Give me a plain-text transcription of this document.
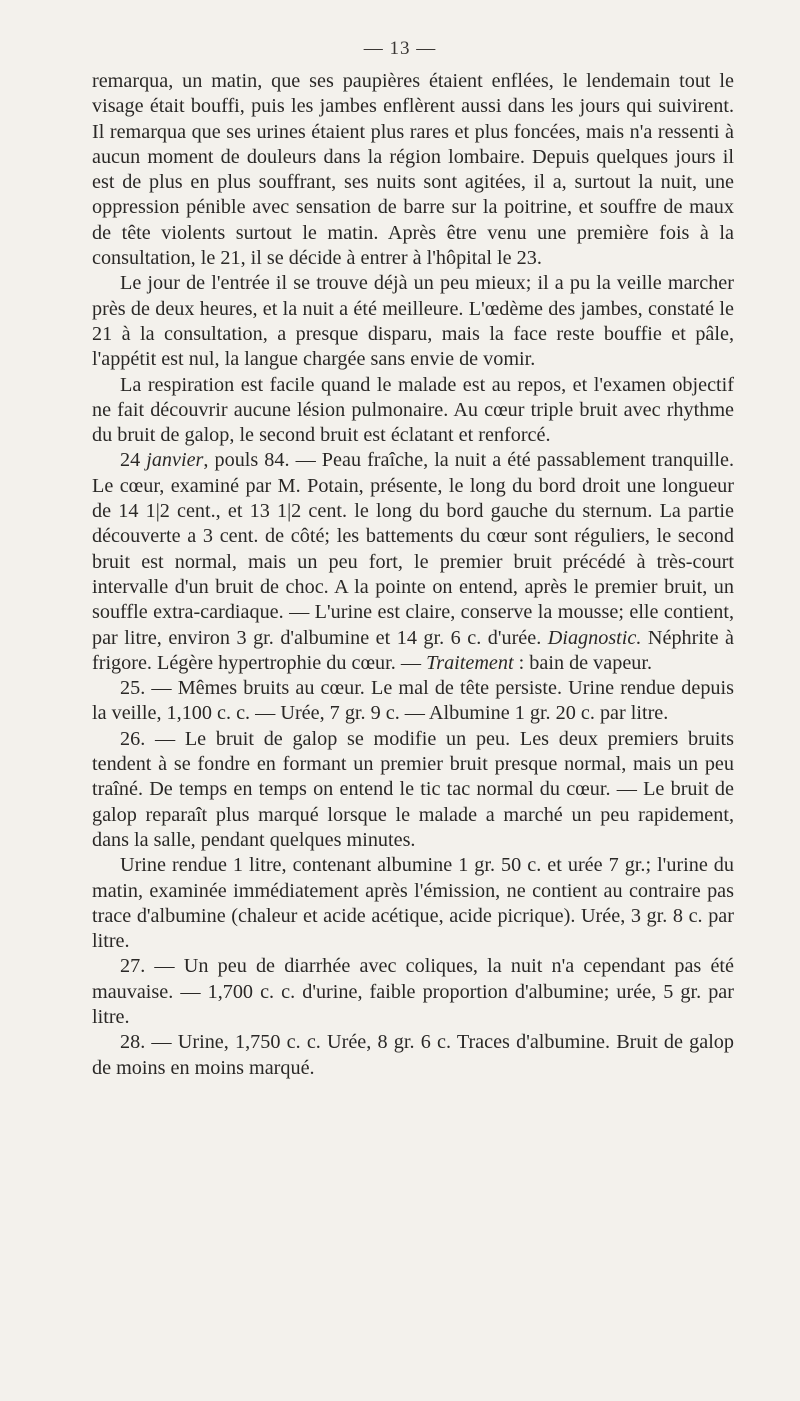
— 13 —

remarqua, un matin, que ses paupières étaient enflées, le lendemain tout le visage était bouffi, puis les jambes enflèrent aussi dans les jours qui suivirent. Il remarqua que ses urines étaient plus rares et plus foncées, mais n'a ressenti à aucun moment de douleurs dans la région lombaire. Depuis quelques jours il est de plus en plus souffrant, ses nuits sont agitées, il a, surtout la nuit, une oppression pénible avec sensation de barre sur la poitrine, et souffre de maux de tête violents surtout le matin. Après être venu une première fois à la consultation, le 21, il se décide à entrer à l'hôpital le 23.

Le jour de l'entrée il se trouve déjà un peu mieux; il a pu la veille marcher près de deux heures, et la nuit a été meilleure. L'œdème des jambes, constaté le 21 à la consultation, a presque disparu, mais la face reste bouffie et pâle, l'appétit est nul, la langue chargée sans envie de vomir.

La respiration est facile quand le malade est au repos, et l'examen objectif ne fait découvrir aucune lésion pulmonaire. Au cœur triple bruit avec rhythme du bruit de galop, le second bruit est éclatant et renforcé.

24 janvier, pouls 84. — Peau fraîche, la nuit a été passablement tranquille. Le cœur, examiné par M. Potain, présente, le long du bord droit une longueur de 14 1|2 cent., et 13 1|2 cent. le long du bord gauche du sternum. La partie découverte a 3 cent. de côté; les battements du cœur sont réguliers, le second bruit est normal, mais un peu fort, le premier bruit précédé à très-court intervalle d'un bruit de choc. A la pointe on entend, après le premier bruit, un souffle extra-cardiaque. — L'urine est claire, conserve la mousse; elle contient, par litre, environ 3 gr. d'albumine et 14 gr. 6 c. d'urée. Diagnostic. Néphrite à frigore. Légère hypertrophie du cœur. — Traitement : bain de vapeur.

25. — Mêmes bruits au cœur. Le mal de tête persiste. Urine rendue depuis la veille, 1,100 c. c. — Urée, 7 gr. 9 c. — Albumine 1 gr. 20 c. par litre.

26. — Le bruit de galop se modifie un peu. Les deux premiers bruits tendent à se fondre en formant un premier bruit presque normal, mais un peu traîné. De temps en temps on entend le tic tac normal du cœur. — Le bruit de galop reparaît plus marqué lorsque le malade a marché un peu rapidement, dans la salle, pendant quelques minutes.

Urine rendue 1 litre, contenant albumine 1 gr. 50 c. et urée 7 gr.; l'urine du matin, examinée immédiatement après l'émission, ne contient au contraire pas trace d'albumine (chaleur et acide acétique, acide picrique). Urée, 3 gr. 8 c. par litre.

27. — Un peu de diarrhée avec coliques, la nuit n'a cependant pas été mauvaise. — 1,700 c. c. d'urine, faible proportion d'albumine; urée, 5 gr. par litre.

28. — Urine, 1,750 c. c. Urée, 8 gr. 6 c. Traces d'albumine. Bruit de galop de moins en moins marqué.
